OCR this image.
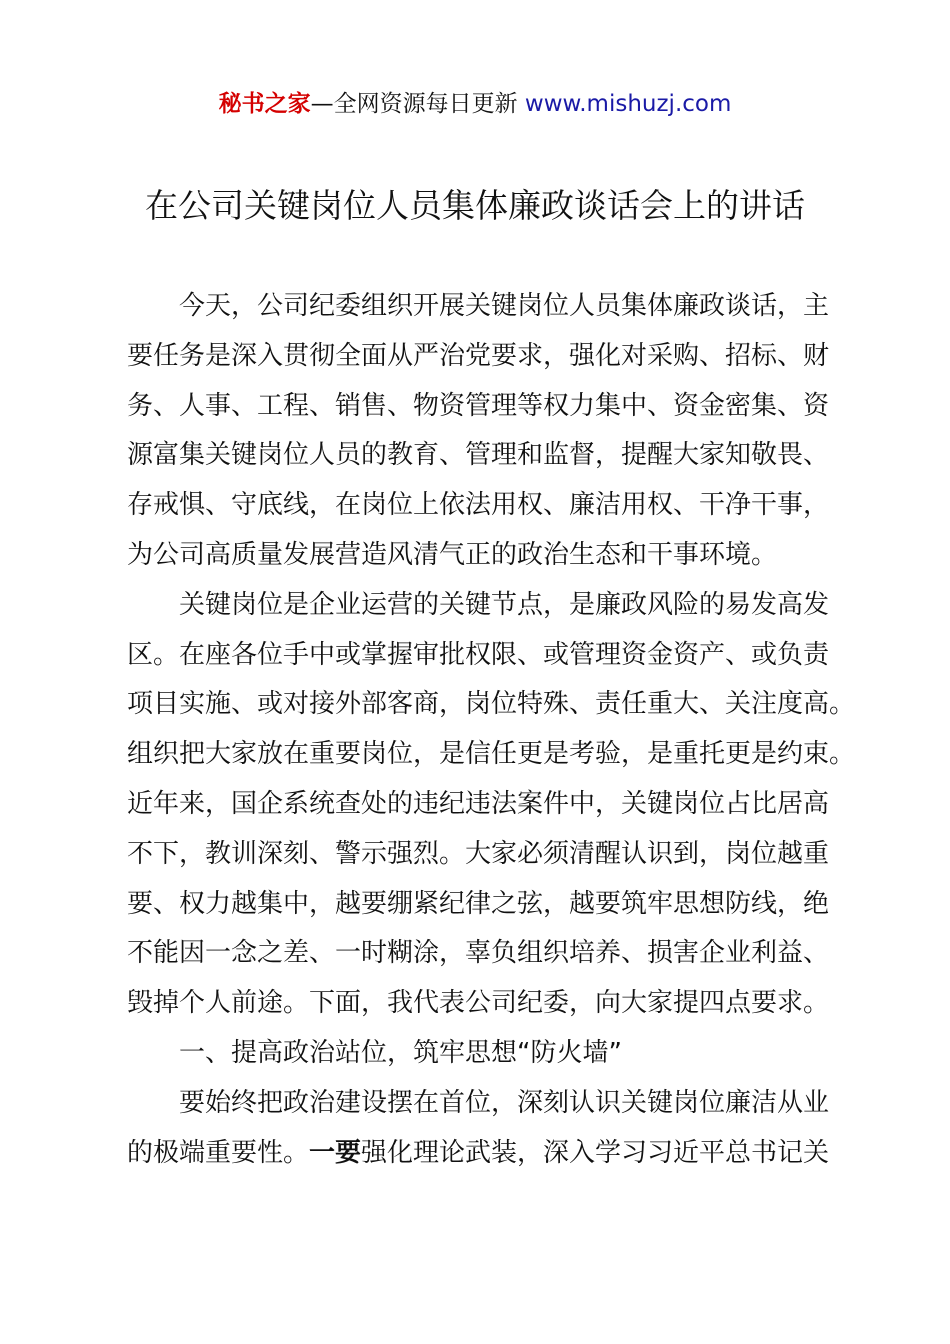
秘书之家—全网资源每日更新 www.mishuzj.com
在公司关键岗位人员集体廉政谈话会上的讲话
今天，公司纪委组织开展关键岗位人员集体廉政谈话，主
要任务是深入贯彻全面从严治党要求，强化对采购、招标、财
务、人事、工程、销售、物资管理等权力集中、资金密集、资
源富集关键岗位人员的教育、管理和监督，提醒大家知敬畏、
存戒惧、守底线，在岗位上依法用权、廉洁用权、干净干事，
为公司高质量发展营造风清气正的政治生态和干事环境。
关键岗位是企业运营的关键节点，是廉政风险的易发高发
区。在座各位手中或掌握审批权限、或管理资金资产、或负责
项目实施、或对接外部客商，岗位特殊、责任重大、关注度高。
组织把大家放在重要岗位，是信任更是考验，是重托更是约束。
近年来，国企系统查处的违纪违法案件中，关键岗位占比居高
不下，教训深刻、警示强烈。大家必须清醒认识到，岗位越重
要、权力越集中，越要绷紧纪律之弦，越要筑牢思想防线，绝
不能因一念之差、一时糊涂，辜负组织培养、损害企业利益、
毁掉个人前途。下面，我代表公司纪委，向大家提四点要求。
一、提高政治站位，筑牢思想“防火墙”
要始终把政治建设摆在首位，深刻认识关键岗位廉洁从业
的极端重要性。一要强化理论武装，深入学习习近平总书记关
